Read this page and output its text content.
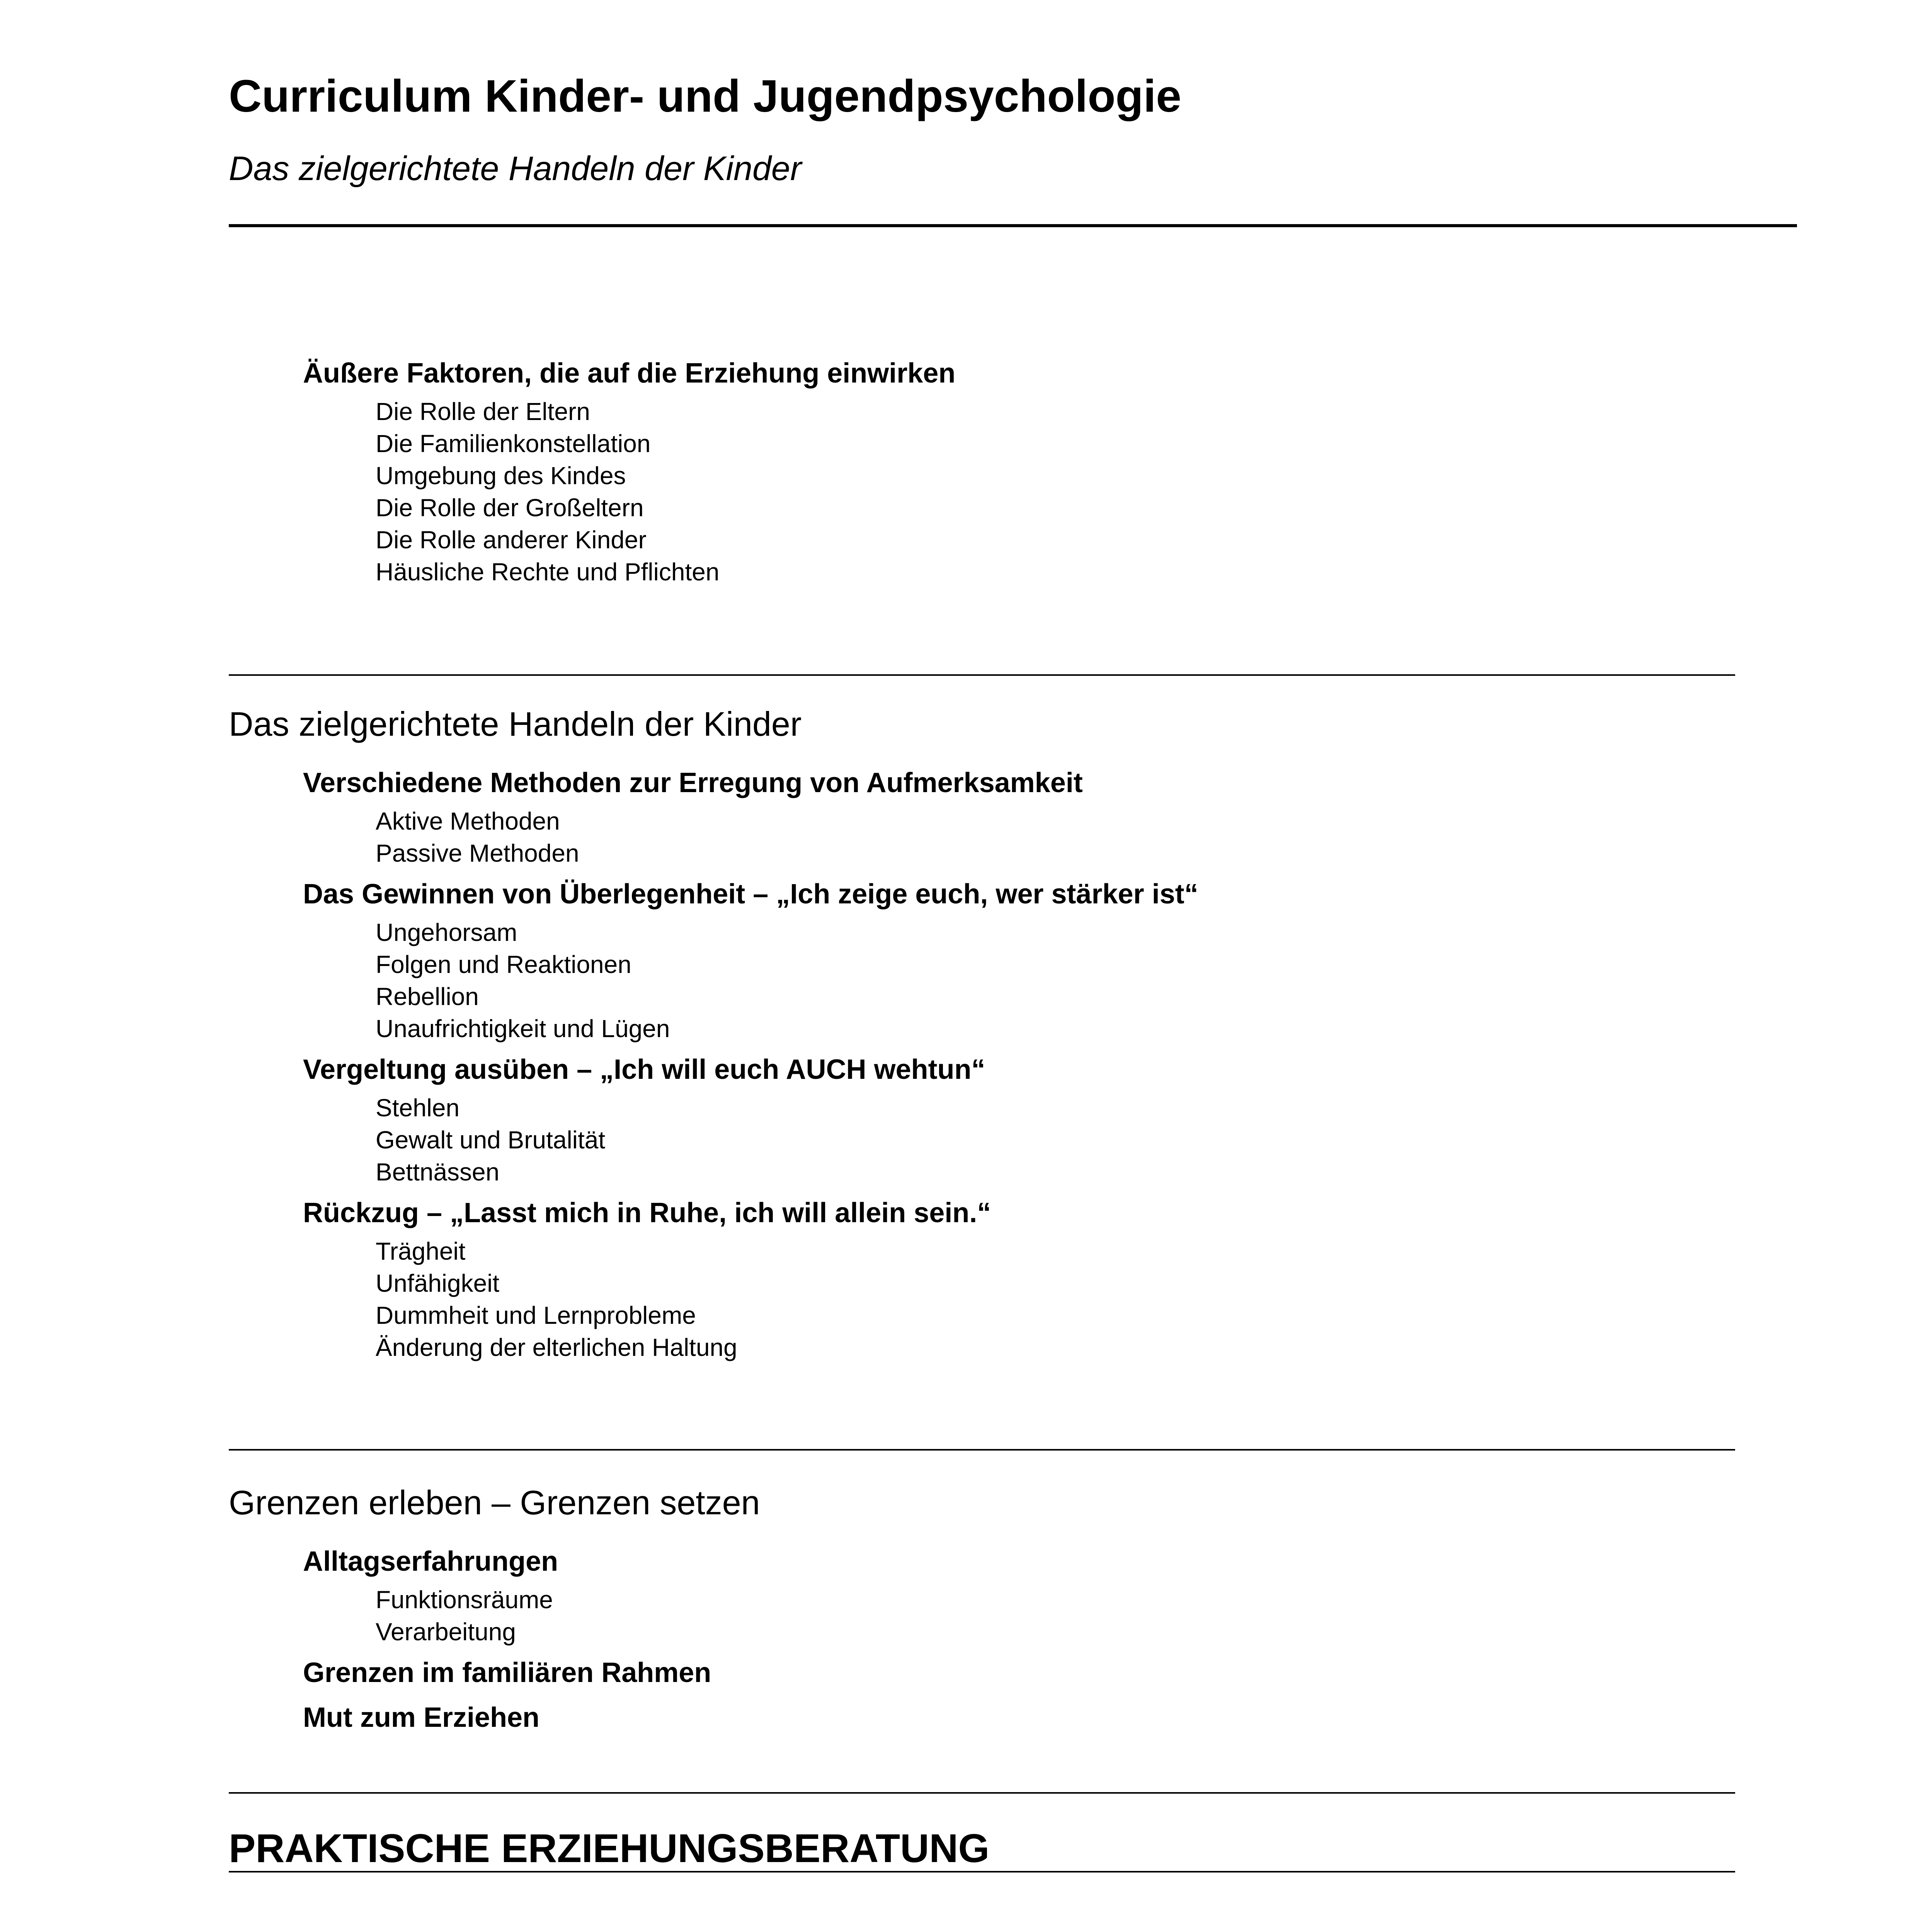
Curriculum Kinder- und Jugendpsychologie
Das zielgerichtete Handeln der Kinder
Äußere Faktoren, die auf die Erziehung einwirken
Die Rolle der Eltern
Die Familienkonstellation
Umgebung des Kindes
Die Rolle der Großeltern
Die Rolle anderer Kinder
Häusliche Rechte und Pflichten
Das zielgerichtete Handeln der Kinder
Verschiedene Methoden zur Erregung von Aufmerksamkeit
Aktive Methoden
Passive Methoden
Das Gewinnen von Überlegenheit – „Ich zeige euch, wer stärker ist“
Ungehorsam
Folgen und Reaktionen
Rebellion
Unaufrichtigkeit und Lügen
Vergeltung ausüben – „Ich will euch AUCH wehtun“
Stehlen
Gewalt und Brutalität
Bettnässen
Rückzug – „Lasst mich in Ruhe, ich will allein sein.“
Trägheit
Unfähigkeit
Dummheit und Lernprobleme
Änderung der elterlichen Haltung
Grenzen erleben – Grenzen setzen
Alltagserfahrungen
Funktionsräume
Verarbeitung
Grenzen im familiären Rahmen
Mut zum Erziehen
PRAKTISCHE ERZIEHUNGSBERATUNG
